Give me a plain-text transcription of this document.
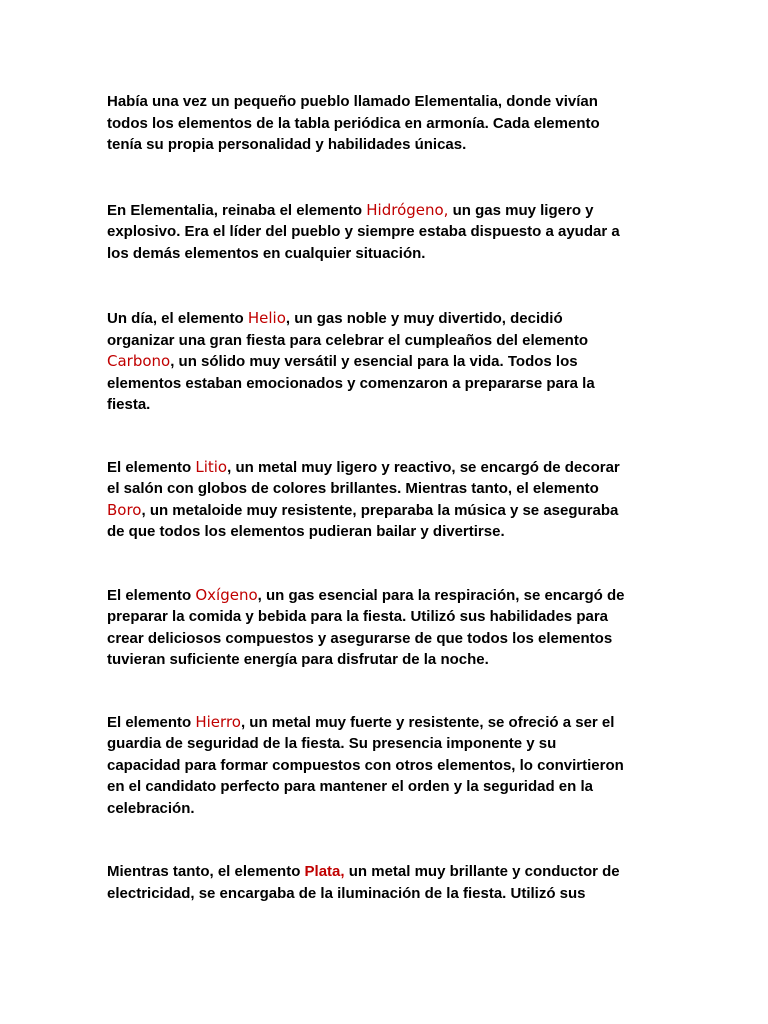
Había una vez un pequeño pueblo llamado Elementalia, donde vivían
todos los elementos de la tabla periódica en armonía. Cada elemento
tenía su propia personalidad y habilidades únicas.
En Elementalia, reinaba el elemento Hidrógeno, un gas muy ligero y
explosivo. Era el líder del pueblo y siempre estaba dispuesto a ayudar a
los demás elementos en cualquier situación.
Un día, el elemento Helio, un gas noble y muy divertido, decidió
organizar una gran fiesta para celebrar el cumpleaños del elemento
Carbono, un sólido muy versátil y esencial para la vida. Todos los
elementos estaban emocionados y comenzaron a prepararse para la
fiesta.
El elemento Litio, un metal muy ligero y reactivo, se encargó de decorar
el salón con globos de colores brillantes. Mientras tanto, el elemento
Boro, un metaloide muy resistente, preparaba la música y se aseguraba
de que todos los elementos pudieran bailar y divertirse.
El elemento Oxígeno, un gas esencial para la respiración, se encargó de
preparar la comida y bebida para la fiesta. Utilizó sus habilidades para
crear deliciosos compuestos y asegurarse de que todos los elementos
tuvieran suficiente energía para disfrutar de la noche.
El elemento Hierro, un metal muy fuerte y resistente, se ofreció a ser el
guardia de seguridad de la fiesta. Su presencia imponente y su
capacidad para formar compuestos con otros elementos, lo convirtieron
en el candidato perfecto para mantener el orden y la seguridad en la
celebración.
Mientras tanto, el elemento Plata, un metal muy brillante y conductor de
electricidad, se encargaba de la iluminación de la fiesta. Utilizó sus
